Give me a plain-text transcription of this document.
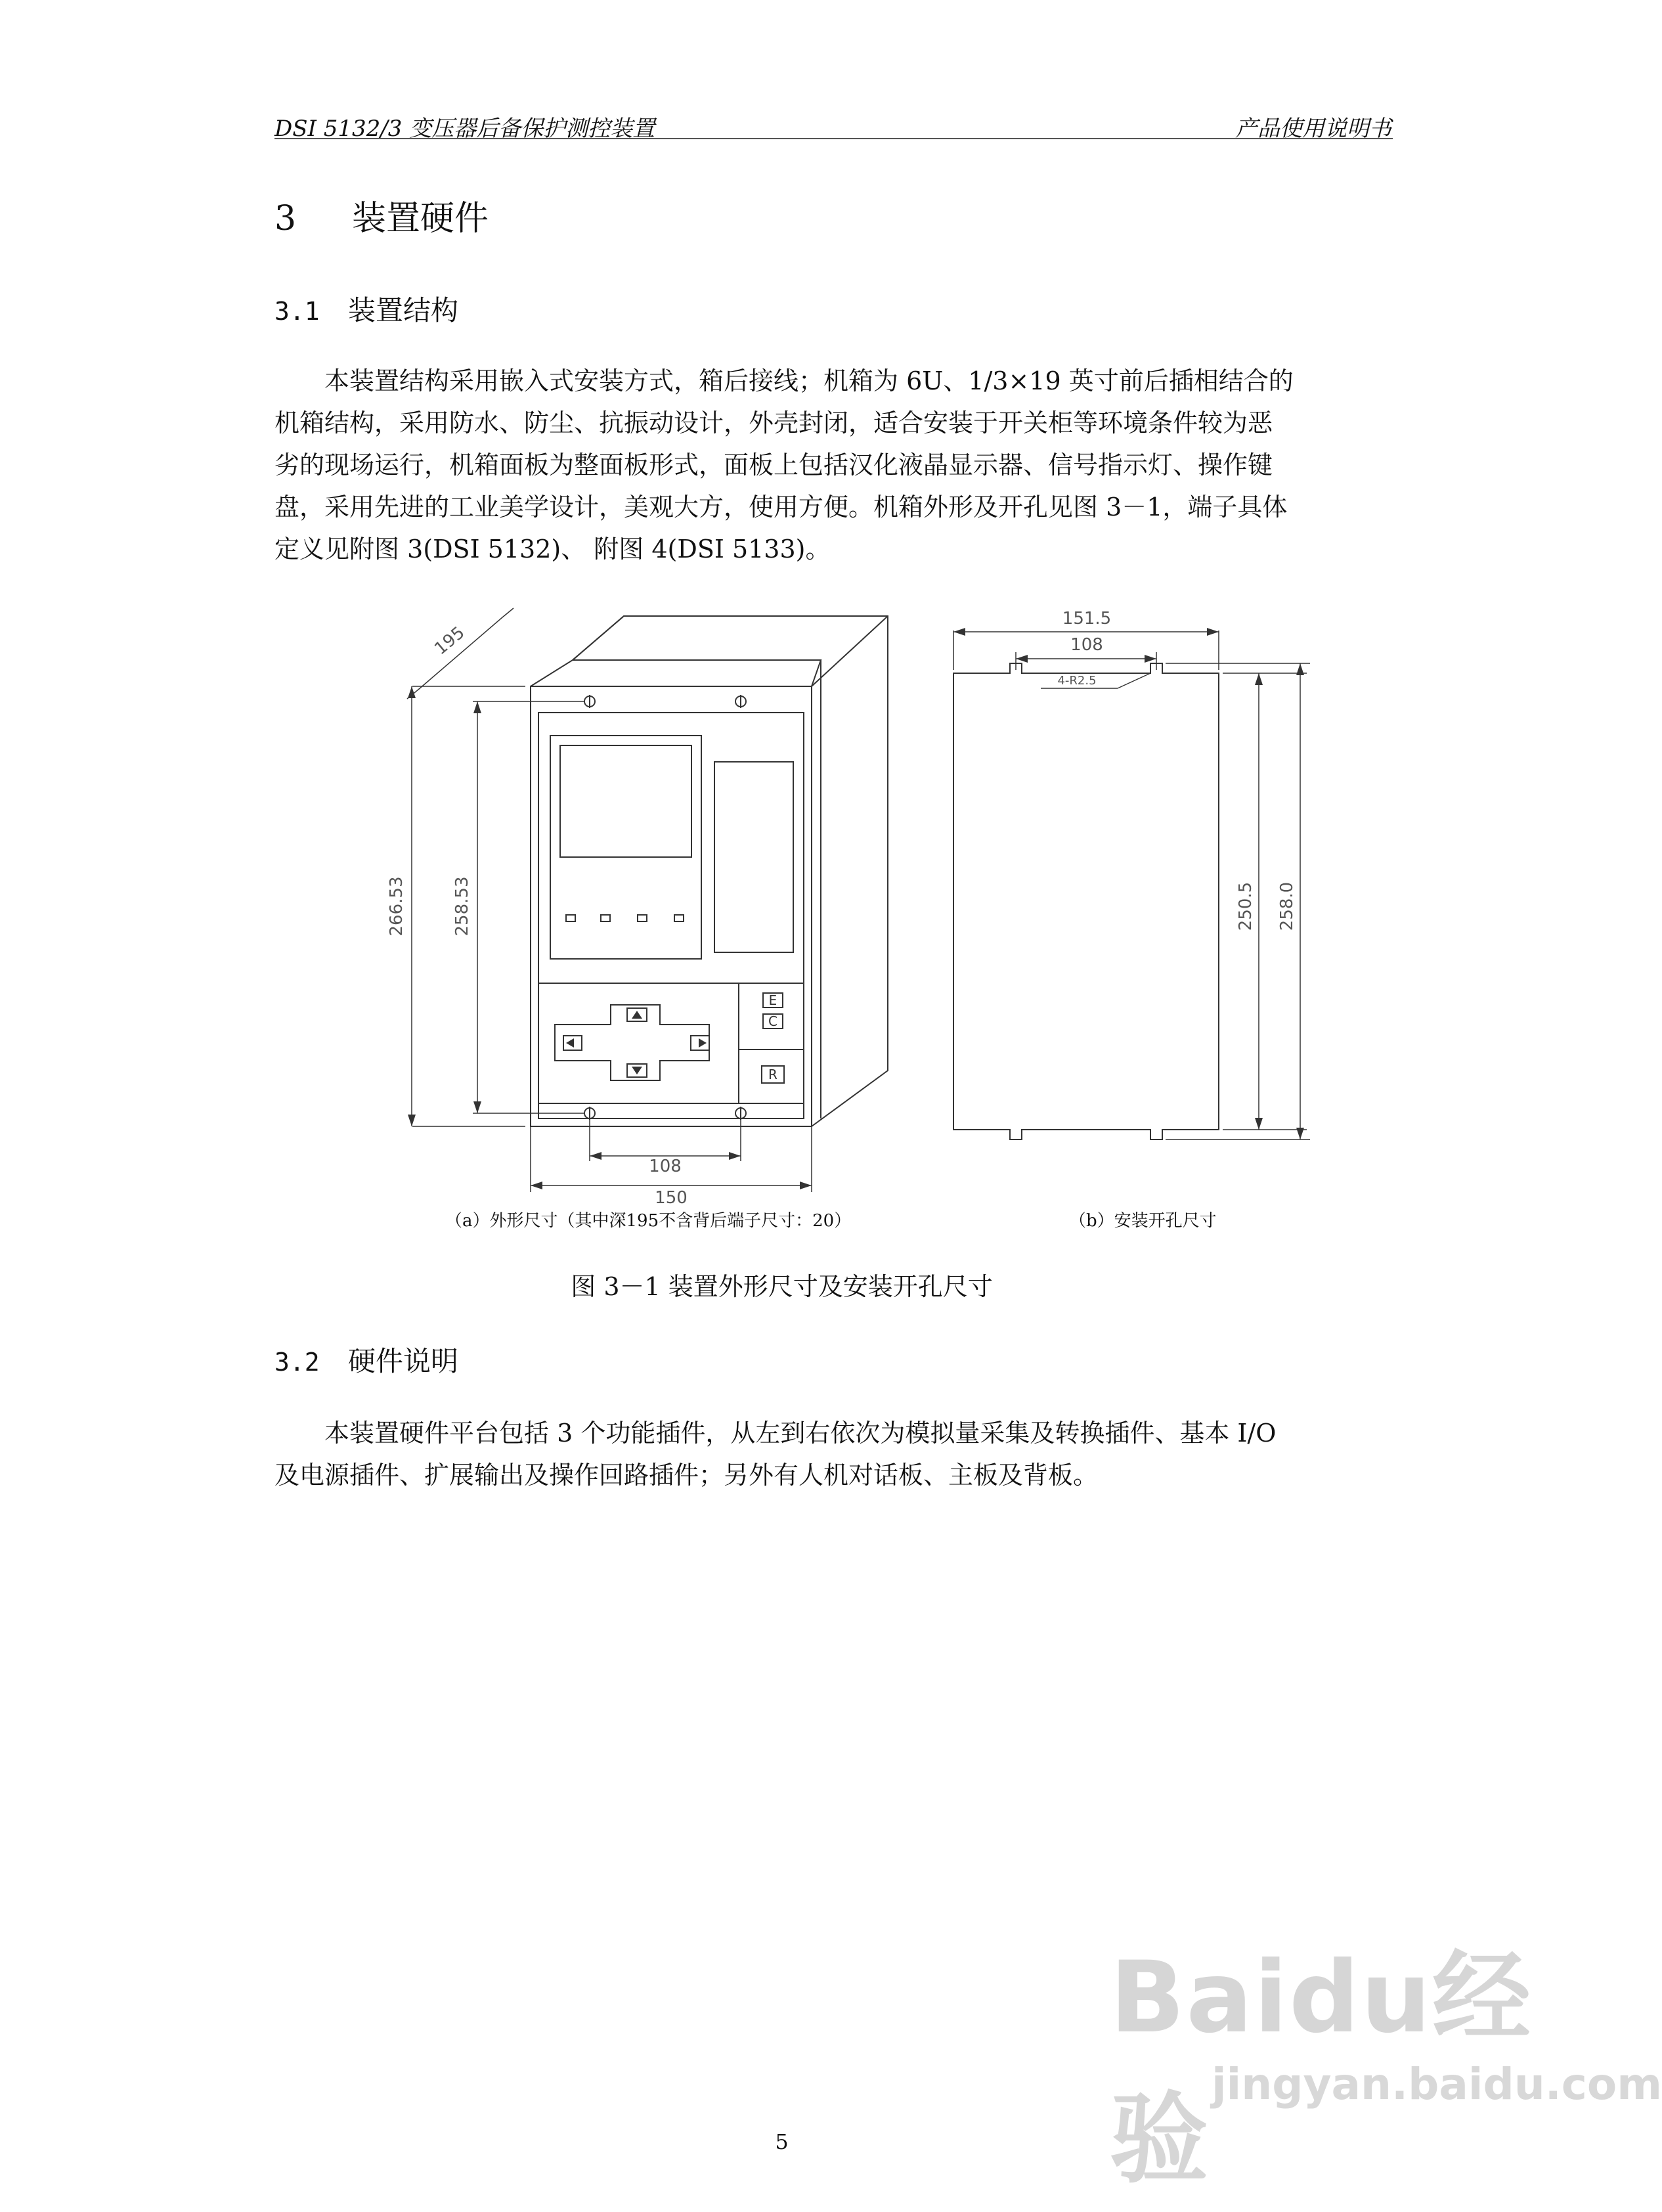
DSI 5132/3 变压器后备保护测控装置	产品使用说明书
3 装置硬件
3.1 装置结构
本装置结构采用嵌入式安装方式，箱后接线；机箱为 6U、1/3×19 英寸前后插相结合的
机箱结构，采用防水、防尘、抗振动设计，外壳封闭，适合安装于开关柜等环境条件较为恶
劣的现场运行，机箱面板为整面板形式，面板上包括汉化液晶显示器、信号指示灯、操作键
盘，采用先进的工业美学设计，美观大方，使用方便。机箱外形及开孔见图 3－1，端子具体
定义见附图 3(DSI 5132)、 附图 4(DSI 5133)。
E
C
R
195
266.53	258.53
108
150
151.5
108
4-R2.5
250.5 258.0
（a）外形尺寸（其中深195不含背后端子尺寸：20）	（b）安装开孔尺寸
图 3－1 装置外形尺寸及安装开孔尺寸
3.2 硬件说明
本装置硬件平台包括 3 个功能插件，从左到右依次为模拟量采集及转换插件、基本 I/O
及电源插件、扩展输出及操作回路插件；另外有人机对话板、主板及背板。
Baidu经验 jingyan.baidu.com
5
